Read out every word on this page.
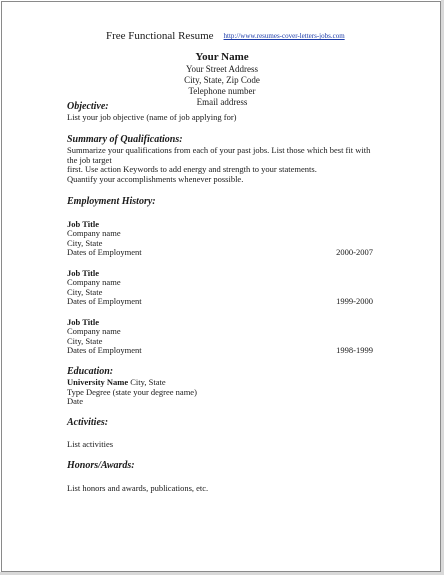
Free Functional Resume http://www.resumes-cover-letters-jobs.com
Your Name
Your Street Address
City, State, Zip Code
Telephone number
Email address
Objective:
List your job objective (name of job applying for)
Summary of Qualifications:
Summarize your qualifications from each of your past jobs. List those which best fit with the job target
first. Use action Keywords to add energy and strength to your statements.
Quantify your accomplishments whenever possible.
Employment History:
Job Title
Company name
City, State
Dates of Employment	2000-2007
Job Title
Company name
City, State
Dates of Employment	1999-2000
Job Title
Company name
City, State
Dates of Employment	1998-1999
Education:
University Name City, State
Type Degree (state your degree name)
Date
Activities:
List activities
Honors/Awards:
List honors and awards, publications, etc.
